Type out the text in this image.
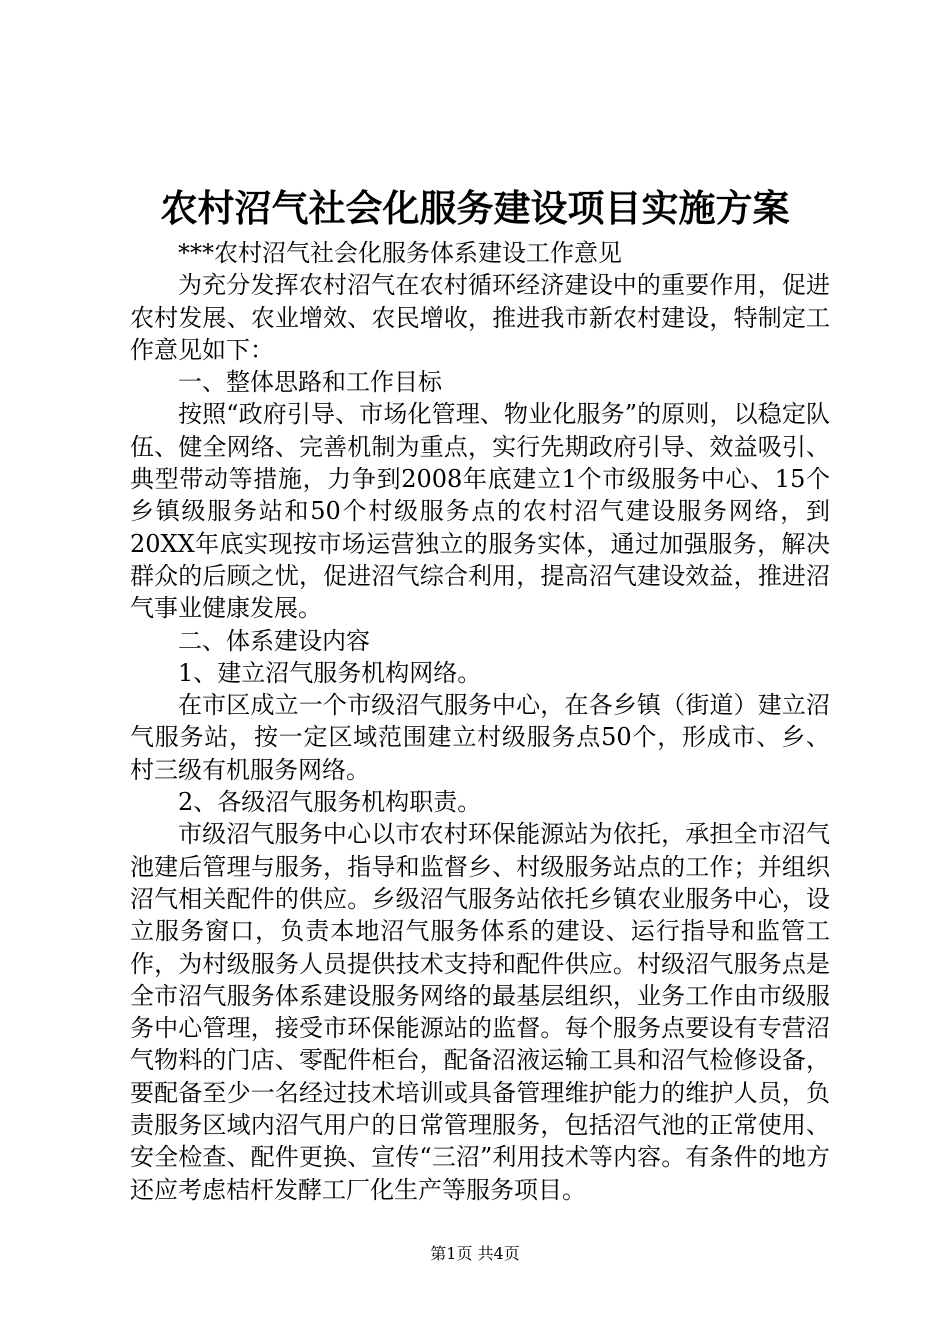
农村沼气社会化服务建设项目实施方案

***农村沼气社会化服务体系建设工作意见

为充分发挥农村沼气在农村循环经济建设中的重要作用，促进农村发展、农业增效、农民增收，推进我市新农村建设，特制定工作意见如下：

一、整体思路和工作目标

按照“政府引导、市场化管理、物业化服务”的原则，以稳定队伍、健全网络、完善机制为重点，实行先期政府引导、效益吸引、典型带动等措施，力争到2008年底建立1个市级服务中心、15个乡镇级服务站和50个村级服务点的农村沼气建设服务网络，到20XX年底实现按市场运营独立的服务实体，通过加强服务，解决群众的后顾之忧，促进沼气综合利用，提高沼气建设效益，推进沼气事业健康发展。

二、体系建设内容

1、建立沼气服务机构网络。

在市区成立一个市级沼气服务中心，在各乡镇（街道）建立沼气服务站，按一定区域范围建立村级服务点50个，形成市、乡、村三级有机服务网络。

2、各级沼气服务机构职责。

市级沼气服务中心以市农村环保能源站为依托，承担全市沼气池建后管理与服务，指导和监督乡、村级服务站点的工作；并组织沼气相关配件的供应。乡级沼气服务站依托乡镇农业服务中心，设立服务窗口，负责本地沼气服务体系的建设、运行指导和监管工作，为村级服务人员提供技术支持和配件供应。村级沼气服务点是全市沼气服务体系建设服务网络的最基层组织，业务工作由市级服务中心管理，接受市环保能源站的监督。每个服务点要设有专营沼气物料的门店、零配件柜台，配备沼液运输工具和沼气检修设备，要配备至少一名经过技术培训或具备管理维护能力的维护人员，负责服务区域内沼气用户的日常管理服务，包括沼气池的正常使用、安全检查、配件更换、宣传“三沼”利用技术等内容。有条件的地方还应考虑桔杆发酵工厂化生产等服务项目。

第1页 共4页
